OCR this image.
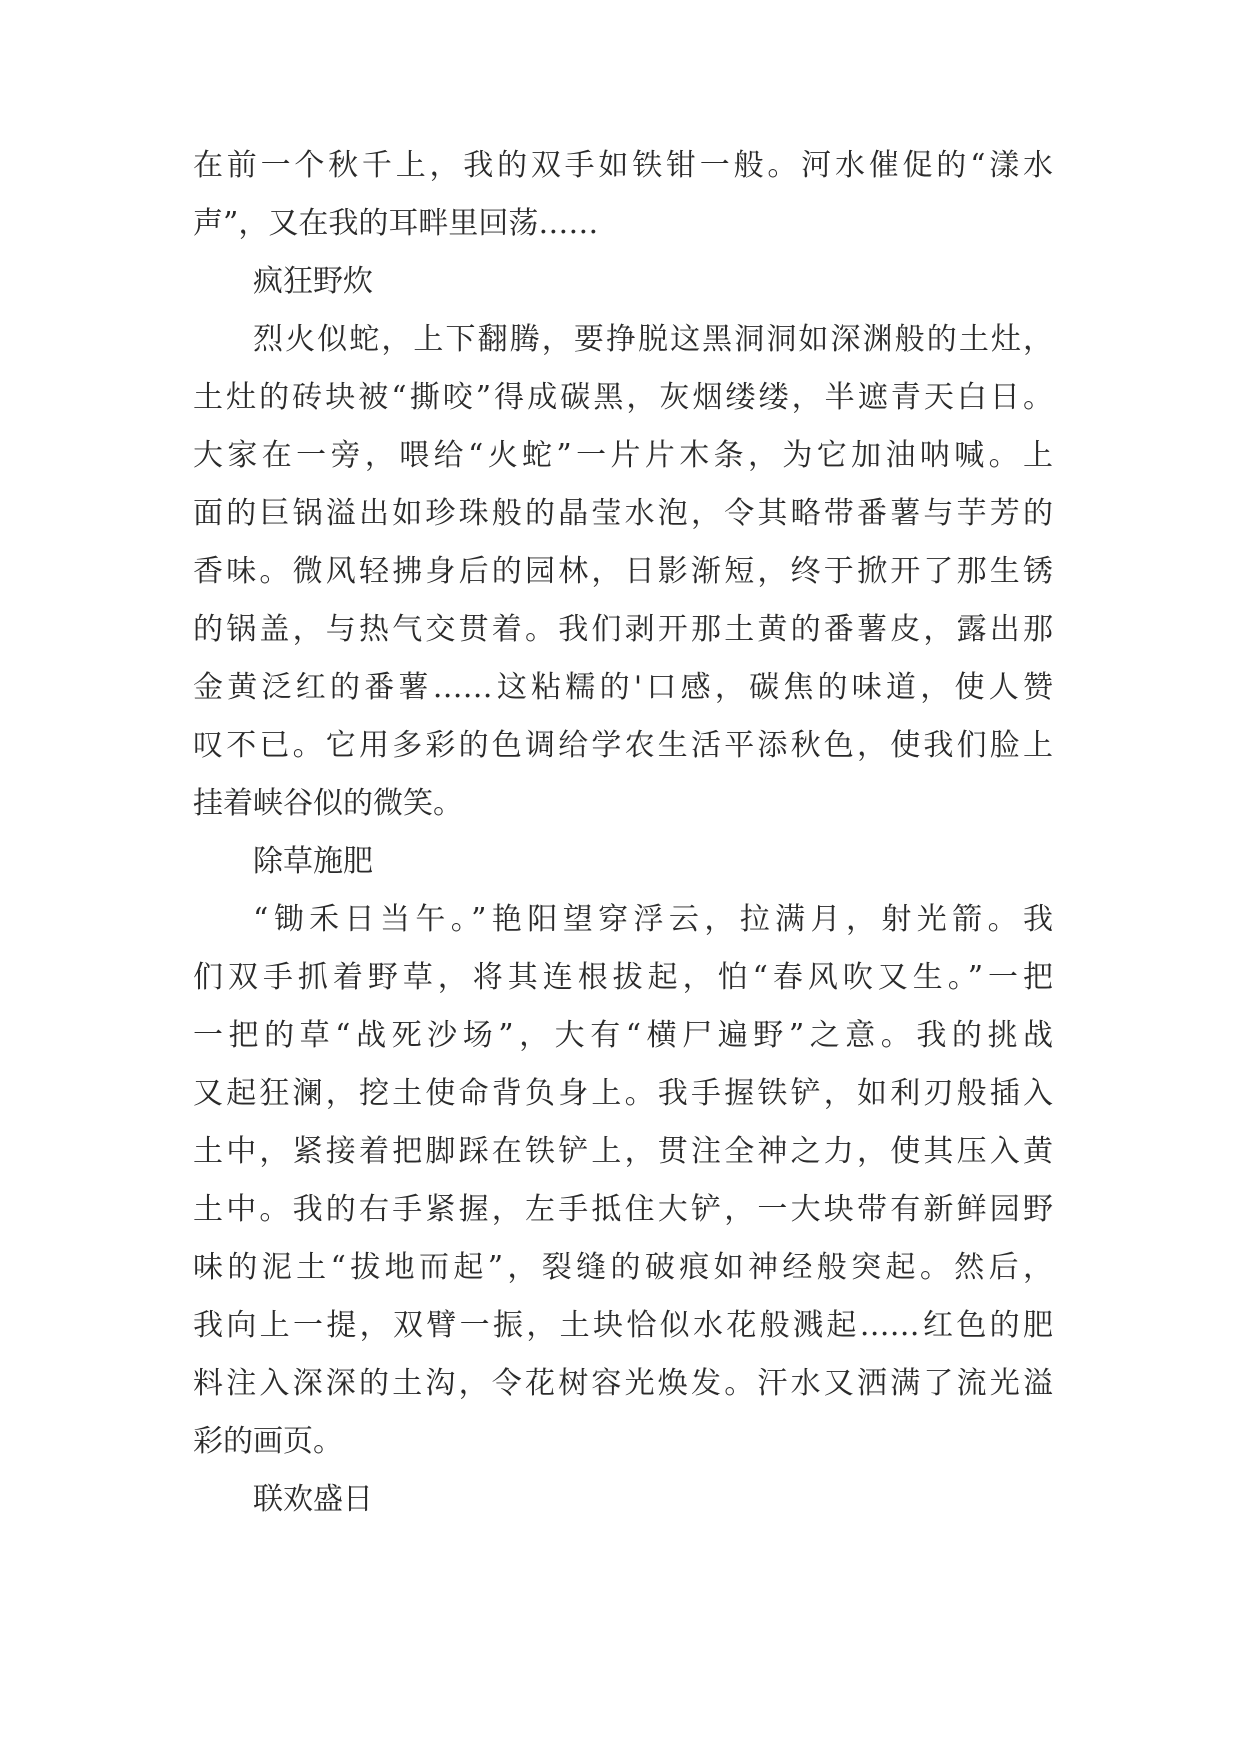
在前一个秋千上，我的双手如铁钳一般。河水催促的“漾水
声”，又在我的耳畔里回荡……
疯狂野炊
烈火似蛇，上下翻腾，要挣脱这黑洞洞如深渊般的土灶，
土灶的砖块被“撕咬”得成碳黑，灰烟缕缕，半遮青天白日。
大家在一旁，喂给“火蛇”一片片木条，为它加油呐喊。上
面的巨锅溢出如珍珠般的晶莹水泡，令其略带番薯与芋芳的
香味。微风轻拂身后的园林，日影渐短，终于掀开了那生锈
的锅盖，与热气交贯着。我们剥开那土黄的番薯皮，露出那
金黄泛红的番薯……这粘糯的'口感，碳焦的味道，使人赞
叹不已。它用多彩的色调给学农生活平添秋色，使我们脸上
挂着峡谷似的微笑。
除草施肥
“锄禾日当午。”艳阳望穿浮云，拉满月，射光箭。我
们双手抓着野草，将其连根拔起，怕“春风吹又生。”一把
一把的草“战死沙场”，大有“横尸遍野”之意。我的挑战
又起狂澜，挖土使命背负身上。我手握铁铲，如利刃般插入
土中，紧接着把脚踩在铁铲上，贯注全神之力，使其压入黄
土中。我的右手紧握，左手抵住大铲，一大块带有新鲜园野
味的泥土“拔地而起”，裂缝的破痕如神经般突起。然后，
我向上一提，双臂一振，土块恰似水花般溅起……红色的肥
料注入深深的土沟，令花树容光焕发。汗水又洒满了流光溢
彩的画页。
联欢盛日
